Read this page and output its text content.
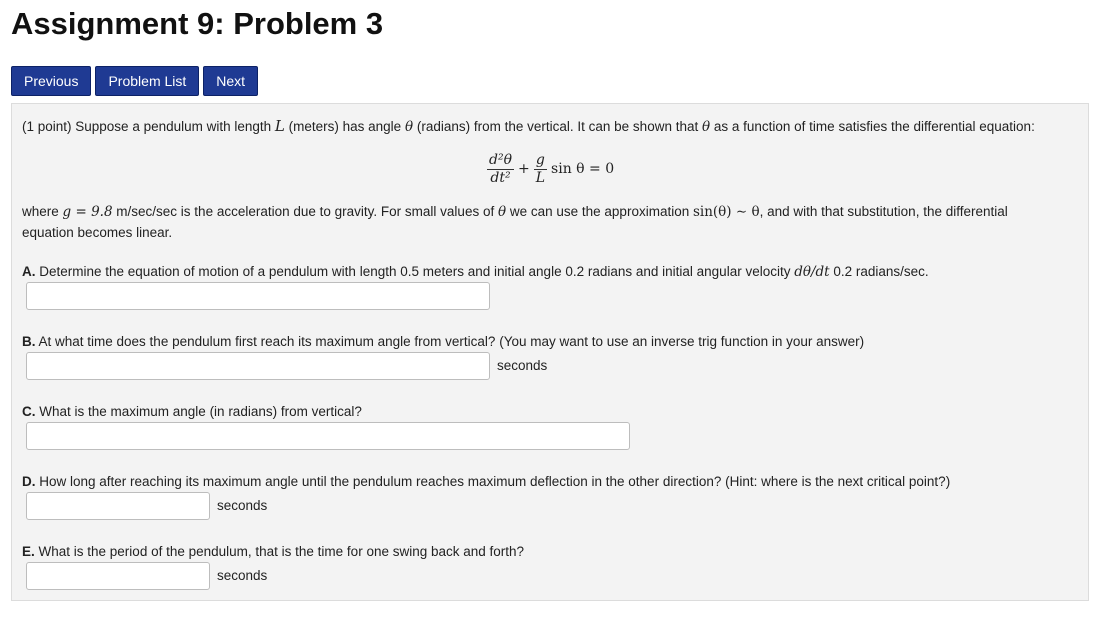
Assignment 9: Problem 3
Previous	Problem List	Next
(1 point) Suppose a pendulum with length L (meters) has angle θ (radians) from the vertical. It can be shown that θ as a function of time satisfies the differential equation:
$\frac{\text{d²θ}}{\text{dt²}} + \frac{g}{L}$ sin θ = 0
where g = 9.8 m/sec/sec is the acceleration due to gravity. For small values of θ we can use the approximation sin(θ) ∼ θ, and with that substitution, the differential
equation becomes linear.
A. Determine the equation of motion of a pendulum with length 0.5 meters and initial angle 0.2 radians and initial angular velocity dθ/dt 0.2 radians/sec.
B. At what time does the pendulum first reach its maximum angle from vertical? (You may want to use an inverse trig function in your answer)
seconds
C. What is the maximum angle (in radians) from vertical?
D. How long after reaching its maximum angle until the pendulum reaches maximum deflection in the other direction? (Hint: where is the next critical point?)
seconds
E. What is the period of the pendulum, that is the time for one swing back and forth?
seconds
